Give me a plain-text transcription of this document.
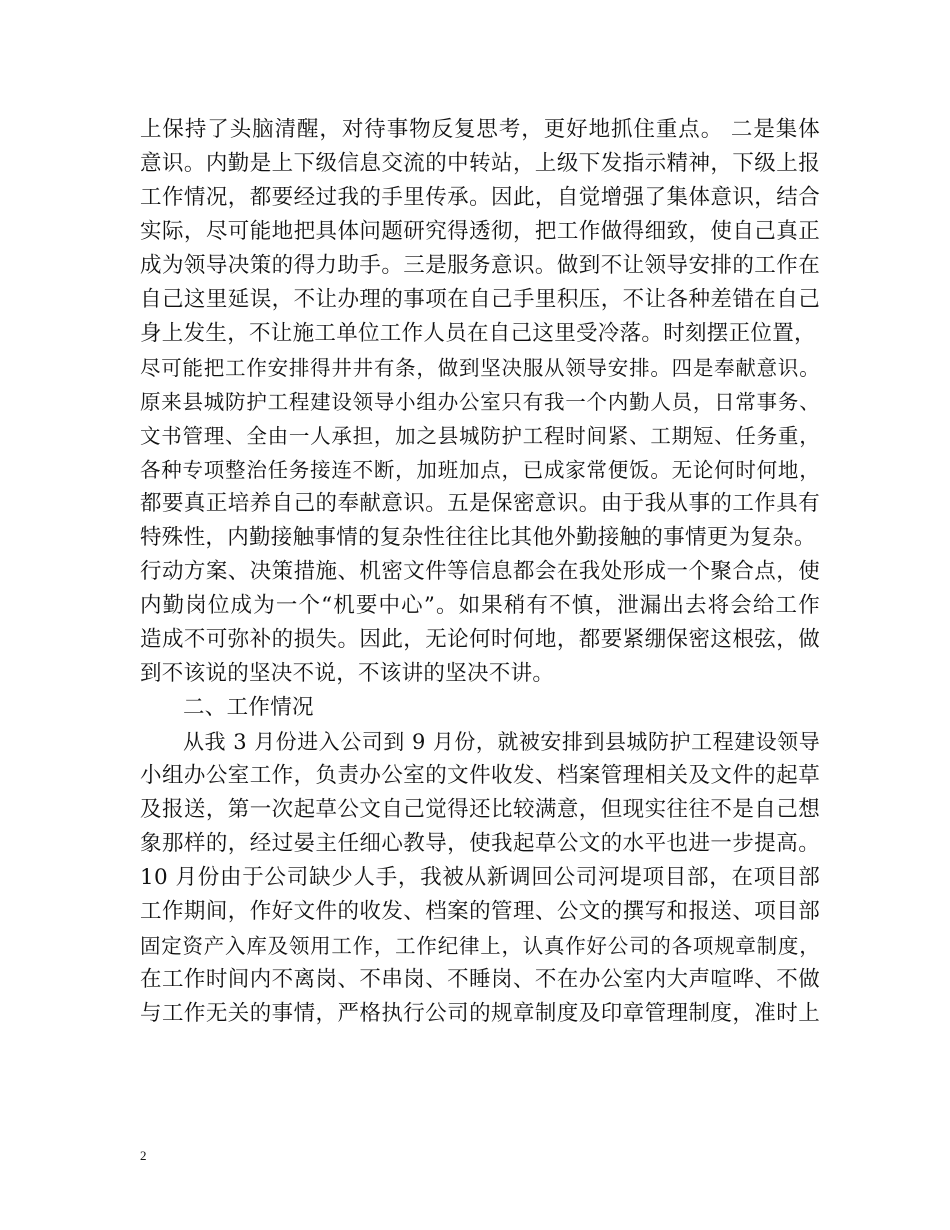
上保持了头脑清醒，对待事物反复思考，更好地抓住重点。 二是集体
意识。内勤是上下级信息交流的中转站，上级下发指示精神，下级上报
工作情况，都要经过我的手里传承。因此，自觉增强了集体意识，结合
实际，尽可能地把具体问题研究得透彻，把工作做得细致，使自己真正
成为领导决策的得力助手。三是服务意识。做到不让领导安排的工作在
自己这里延误，不让办理的事项在自己手里积压，不让各种差错在自己
身上发生，不让施工单位工作人员在自己这里受冷落。时刻摆正位置，
尽可能把工作安排得井井有条，做到坚决服从领导安排。四是奉献意识。
原来县城防护工程建设领导小组办公室只有我一个内勤人员，日常事务、
文书管理、全由一人承担，加之县城防护工程时间紧、工期短、任务重，
各种专项整治任务接连不断，加班加点，已成家常便饭。无论何时何地，
都要真正培养自己的奉献意识。五是保密意识。由于我从事的工作具有
特殊性，内勤接触事情的复杂性往往比其他外勤接触的事情更为复杂。
行动方案、决策措施、机密文件等信息都会在我处形成一个聚合点，使
内勤岗位成为一个“机要中心”。如果稍有不慎，泄漏出去将会给工作
造成不可弥补的损失。因此，无论何时何地，都要紧绷保密这根弦，做
到不该说的坚决不说，不该讲的坚决不讲。
二、工作情况
从我 3 月份进入公司到 9 月份，就被安排到县城防护工程建设领导
小组办公室工作，负责办公室的文件收发、档案管理相关及文件的起草
及报送，第一次起草公文自己觉得还比较满意，但现实往往不是自己想
象那样的，经过晏主任细心教导，使我起草公文的水平也进一步提高。
10 月份由于公司缺少人手，我被从新调回公司河堤项目部，在项目部
工作期间，作好文件的收发、档案的管理、公文的撰写和报送、项目部
固定资产入库及领用工作，工作纪律上，认真作好公司的各项规章制度，
在工作时间内不离岗、不串岗、不睡岗、不在办公室内大声喧哗、不做
与工作无关的事情，严格执行公司的规章制度及印章管理制度，准时上
2
